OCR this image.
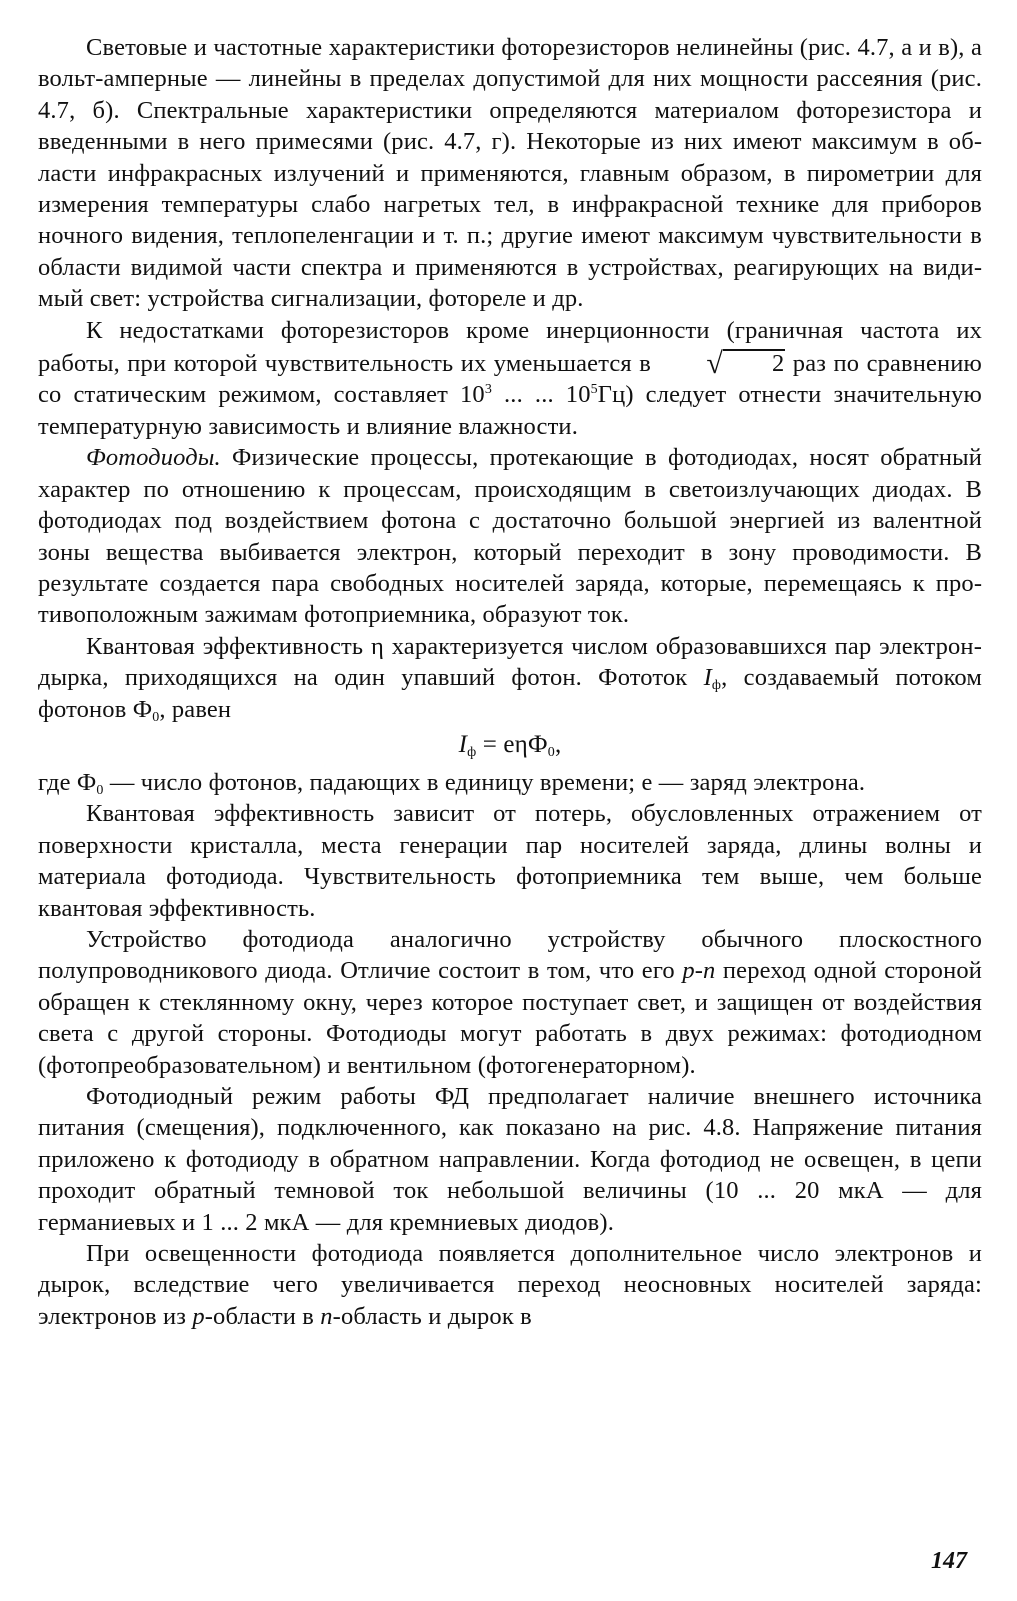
Световые и частотные характеристики фоторезисторов нелинейны (рис. 4.7, а и в), а вольт-амперные — линейны в пределах допустимой для них мощности рассеяния (рис. 4.7, б). Спектральные характеристики определяются материалом фоторезистора и введенными в него примесями (рис. 4.7, г). Некоторые из них имеют максимум в области инфракрасных излучений и применяются, главным образом, в пирометрии для измерения температуры слабо нагретых тел, в инфракрасной технике для приборов ночного видения, теплопеленгации и т. п.; другие имеют максимум чувствительности в области видимой части спектра и применяются в устройствах, реагирующих на видимый свет: устройства сигнализации, фотореле и др.

К недостатками фоторезисторов кроме инерционности (граничная частота их работы, при которой чувствительность их уменьшается в √ 2 раз по сравнению со статическим режимом, составляет $10^3$ ... ... $10^5Гц$) следует отнести значительную температурную зависимость и влияние влажности.

Фотодиоды. Физические процессы, протекающие в фотодиодах, носят обратный характер по отношению к процессам, происходящим в светоизлучающих диодах. В фотодиодах под воздействием фотона с достаточно большой энергией из валентной зоны вещества выбивается электрон, который переходит в зону проводимости. В результате создается пара свободных носителей заряда, которые, перемещаясь к противоположным зажимам фотоприемника, образуют ток.

Квантовая эффективность η характеризуется числом образовавшихся пар электрон-дырка, приходящихся на один упавший фотон. Фототок $I_ф$, создаваемый потоком фотонов $Ф_0$, равен

$I_ф = e\eta Ф_0$,

где $Ф_0$ — число фотонов, падающих в единицу времени; e — заряд электрона.

Квантовая эффективность зависит от потерь, обусловленных отражением от поверхности кристалла, места генерации пар носителей заряда, длины волны и материала фотодиода. Чувствительность фотоприемника тем выше, чем больше квантовая эффективность.

Устройство фотодиода аналогично устройству обычного плоскостного полупроводникового диода. Отличие состоит в том, что его p-n переход одной стороной обращен к стеклянному окну, через которое поступает свет, и защищен от воздействия света с другой стороны. Фотодиоды могут работать в двух режимах: фотодиодном (фотопреобразовательном) и вентильном (фотогенераторном).

Фотодиодный режим работы ФД предполагает наличие внешнего источника питания (смещения), подключенного, как показано на рис. 4.8. Напряжение питания приложено к фотодиоду в обратном направлении. Когда фотодиод не освещен, в цепи проходит обратный темновой ток небольшой величины (10 ... 20 мкА — для германиевых и 1 ... 2 мкА — для кремниевых диодов).

При освещенности фотодиода появляется дополнительное число электронов и дырок, вследствие чего увеличивается переход неосновных носителей заряда: электронов из p-области в n-область и дырок в

147
